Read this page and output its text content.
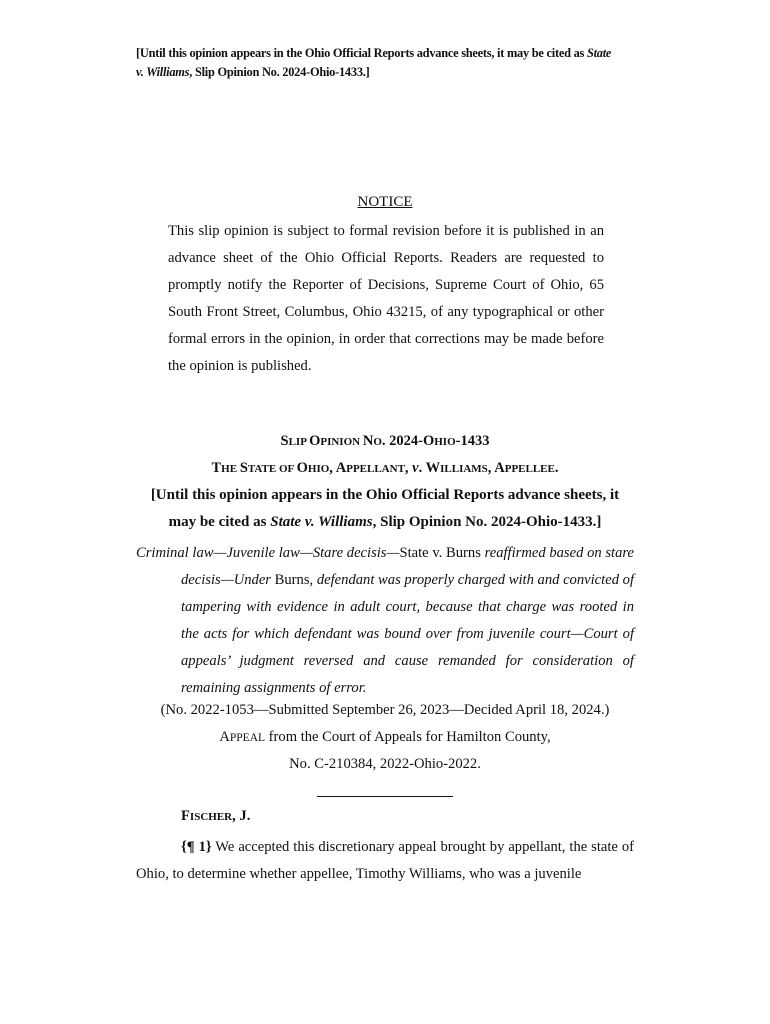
[Until this opinion appears in the Ohio Official Reports advance sheets, it may be cited as State
v. Williams, Slip Opinion No. 2024-Ohio-1433.]
NOTICE
This slip opinion is subject to formal revision before it is published in an advance sheet of the Ohio Official Reports. Readers are requested to promptly notify the Reporter of Decisions, Supreme Court of Ohio, 65 South Front Street, Columbus, Ohio 43215, of any typographical or other formal errors in the opinion, in order that corrections may be made before the opinion is published.
SLIP OPINION NO. 2024-OHIO-1433
THE STATE OF OHIO, APPELLANT, v. WILLIAMS, APPELLEE.
[Until this opinion appears in the Ohio Official Reports advance sheets, it
may be cited as State v. Williams, Slip Opinion No. 2024-Ohio-1433.]
Criminal law—Juvenile law—Stare decisis—State v. Burns reaffirmed based on stare decisis—Under Burns, defendant was properly charged with and convicted of tampering with evidence in adult court, because that charge was rooted in the acts for which defendant was bound over from juvenile court—Court of appeals’ judgment reversed and cause remanded for consideration of remaining assignments of error.
(No. 2022-1053—Submitted September 26, 2023—Decided April 18, 2024.)
APPEAL from the Court of Appeals for Hamilton County,
No. C-210384, 2022-Ohio-2022.
FISCHER, J.
{¶ 1} We accepted this discretionary appeal brought by appellant, the state of Ohio, to determine whether appellee, Timothy Williams, who was a juvenile
